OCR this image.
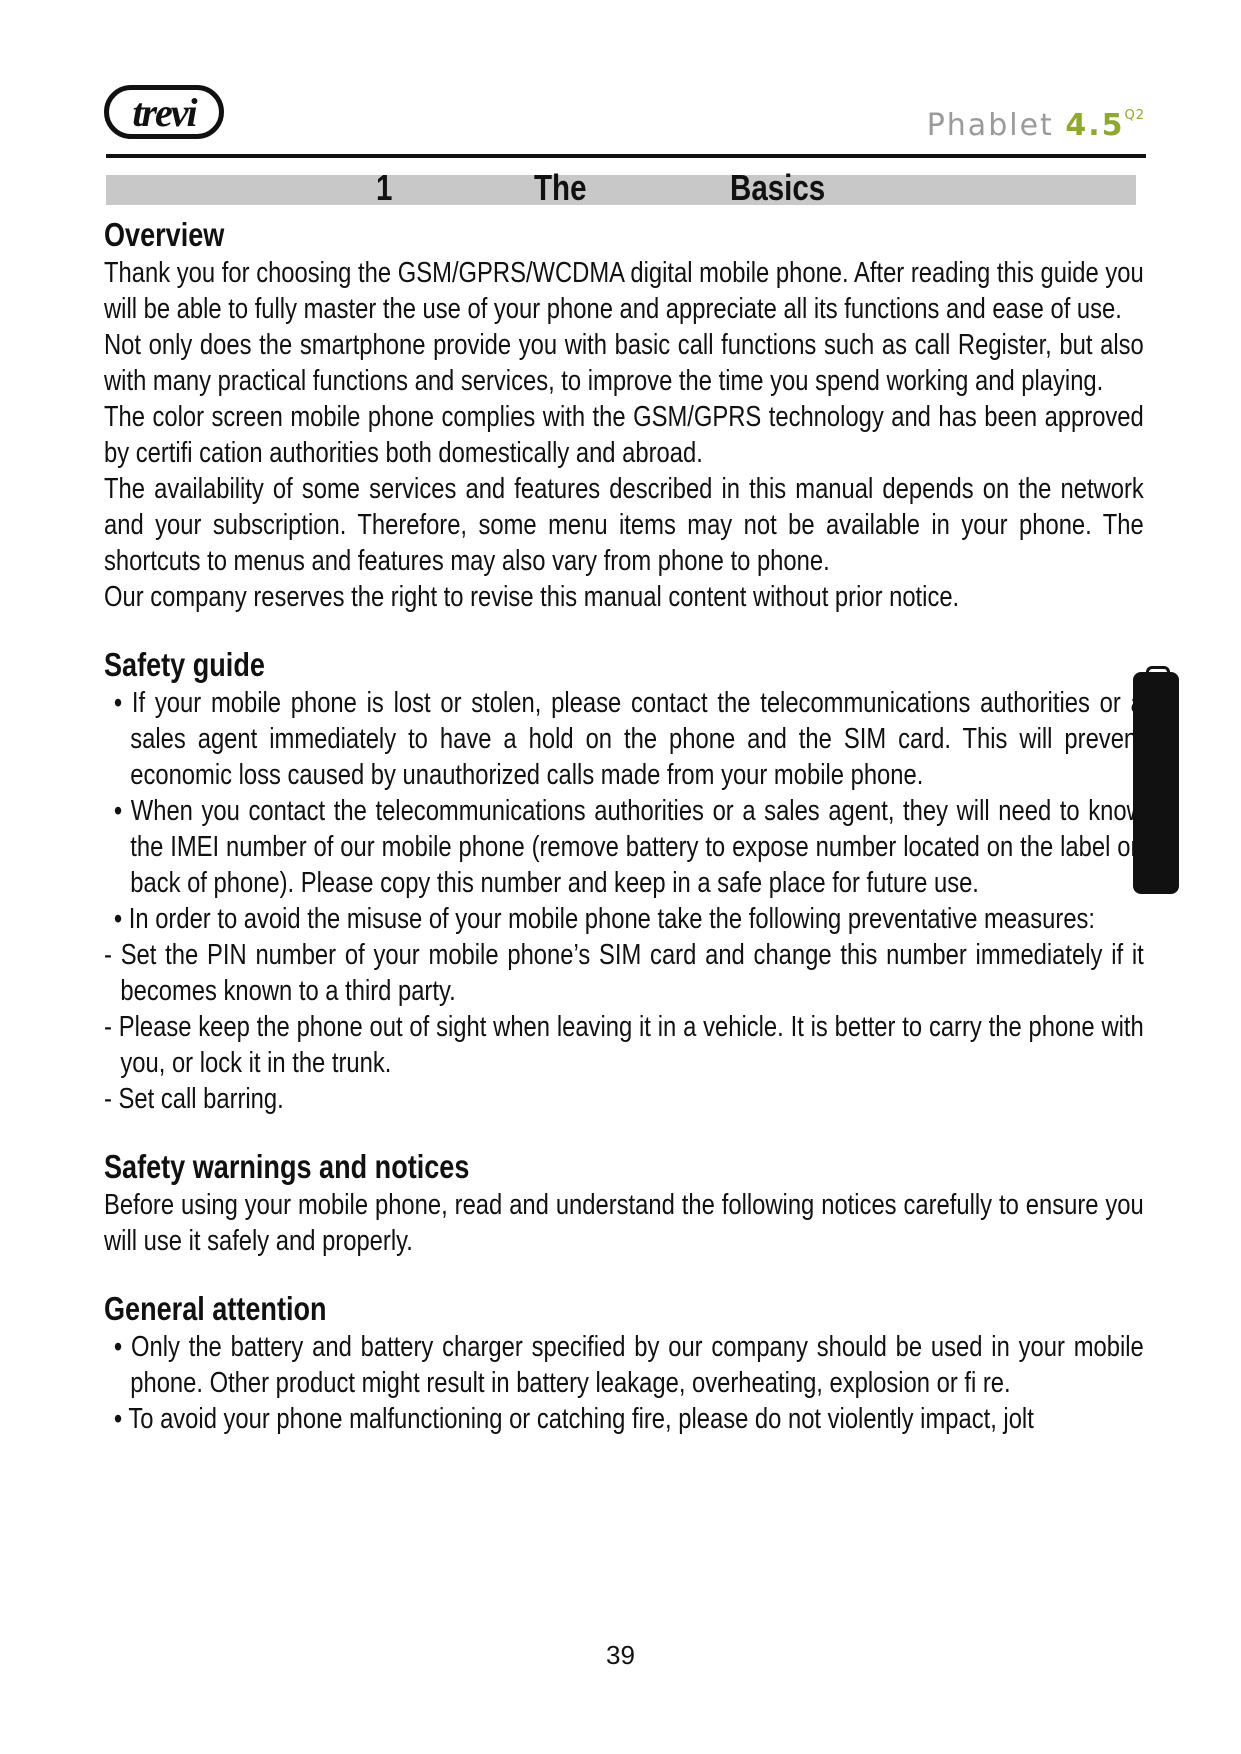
trevi	Phablet $4.5^{Q2}$
1	The	Basics
Overview
Thank you for choosing the GSM/GPRS/WCDMA digital mobile phone. After reading this guide you will be able to fully master the use of your phone and appreciate all its functions and ease of use.
Not only does the smartphone provide you with basic call functions such as call Register, but also with many practical functions and services, to improve the time you spend working and playing.
The color screen mobile phone complies with the GSM/GPRS technology and has been approved by certifi cation authorities both domestically and abroad.
The availability of some services and features described in this manual depends on the network and your subscription. Therefore, some menu items may not be available in your phone. The shortcuts to menus and features may also vary from phone to phone.
Our company reserves the right to revise this manual content without prior notice.
Safety guide
• If your mobile phone is lost or stolen, please contact the telecommunications authorities or a sales agent immediately to have a hold on the phone and the SIM card. This will prevent economic loss caused by unauthorized calls made from your mobile phone.
• When you contact the telecommunications authorities or a sales agent, they will need to know the IMEI number of our mobile phone (remove battery to expose number located on the label on back of phone). Please copy this number and keep in a safe place for future use.
• In order to avoid the misuse of your mobile phone take the following preventative measures:
- Set the PIN number of your mobile phone’s SIM card and change this number immediately if it becomes known to a third party.
- Please keep the phone out of sight when leaving it in a vehicle. It is better to carry the phone with you, or lock it in the trunk.
- Set call barring.
Safety warnings and notices
Before using your mobile phone, read and understand the following notices carefully to ensure you will use it safely and properly.
General attention
• Only the battery and battery charger specified by our company should be used in your mobile phone. Other product might result in battery leakage, overheating, explosion or fi re.
• To avoid your phone malfunctioning or catching fire, please do not violently impact, jolt
39
